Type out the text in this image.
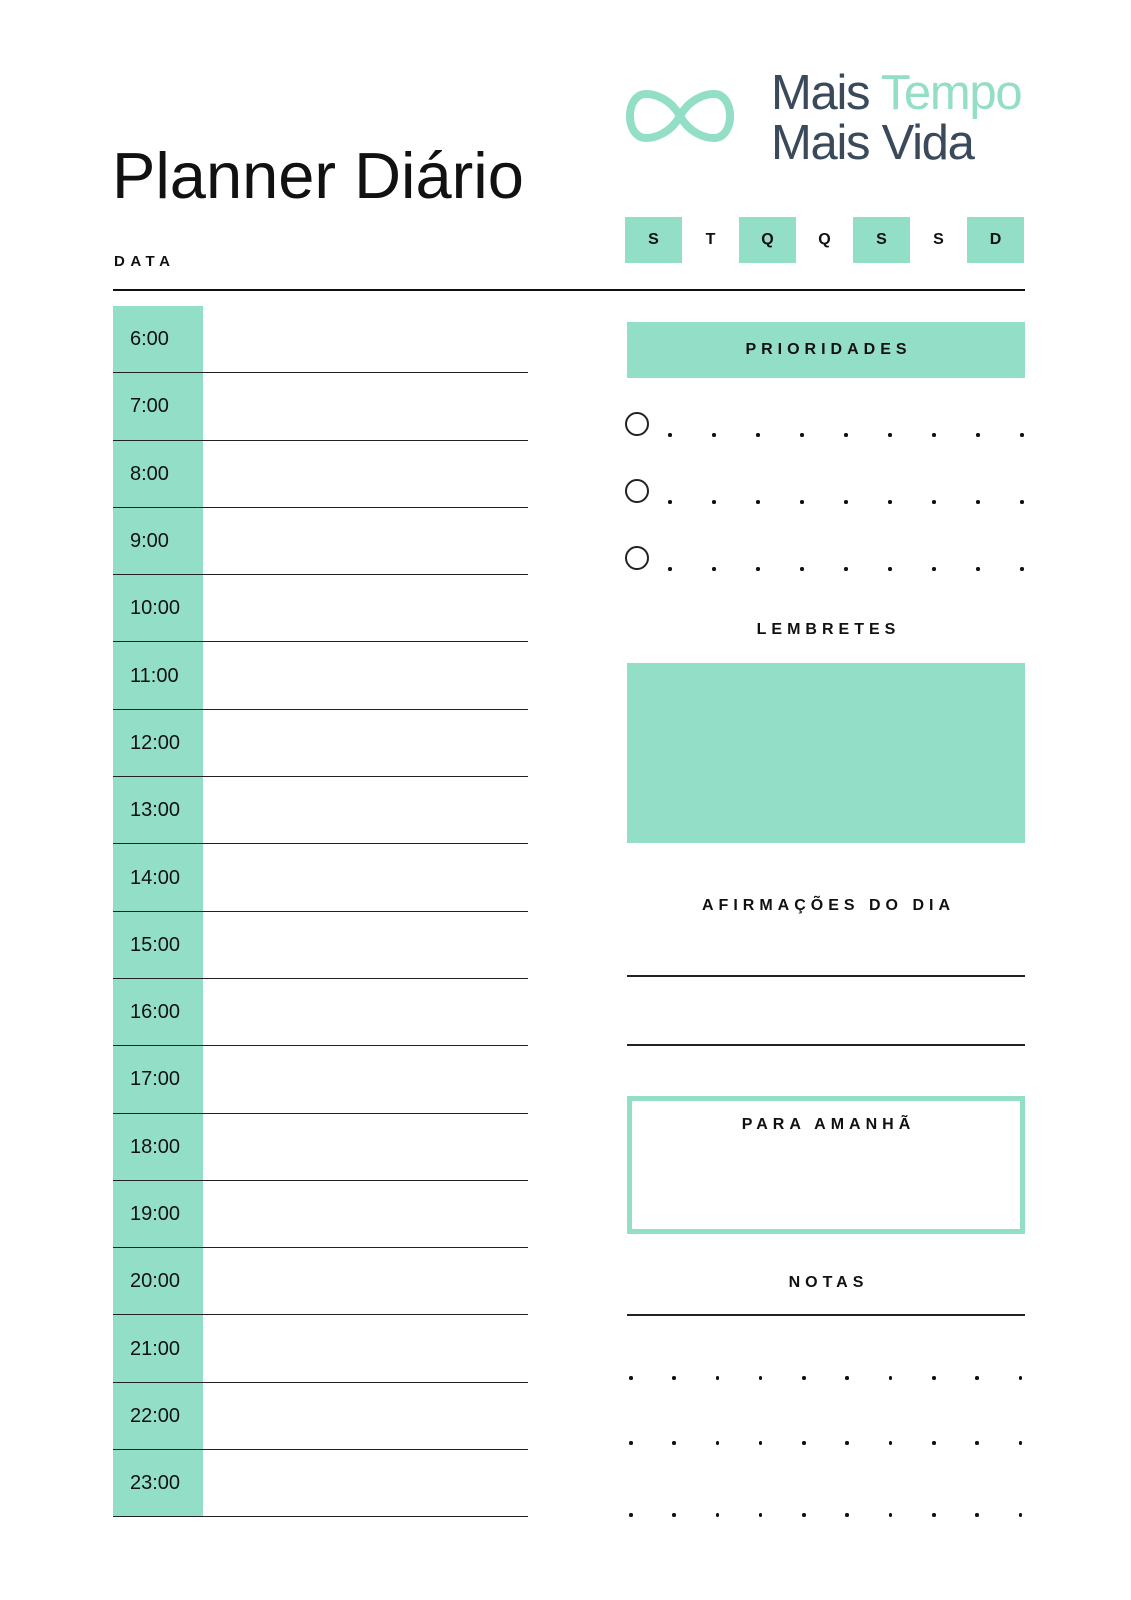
Planner Diário
DATA
Mais Tempo
Mais Vida
S	T	Q	Q	S	S	D
6:00
7:00
8:00
9:00
10:00
11:00
12:00
13:00
14:00
15:00
16:00
17:00
18:00
19:00
20:00
21:00
22:00
23:00
PRIORIDADES
LEMBRETES
AFIRMAÇÕES DO DIA
PARA AMANHÃ
NOTAS
